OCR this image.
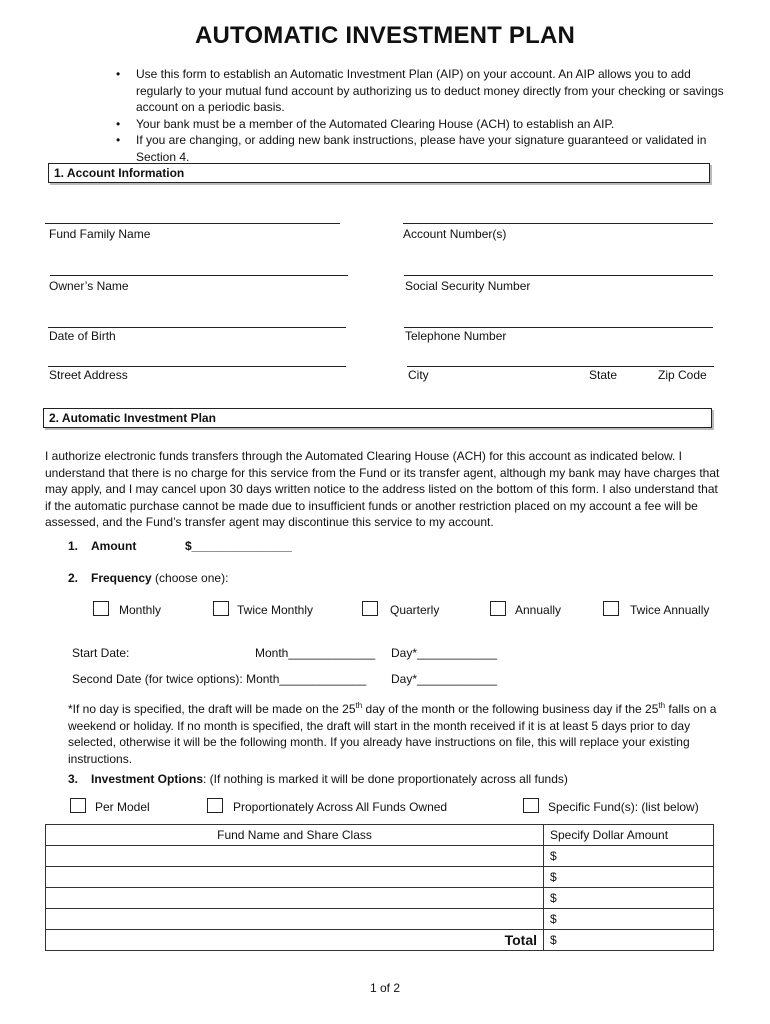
AUTOMATIC INVESTMENT PLAN
• Use this form to establish an Automatic Investment Plan (AIP) on your account. An AIP allows you to add regularly to your mutual fund account by authorizing us to deduct money directly from your checking or savings account on a periodic basis.
• Your bank must be a member of the Automated Clearing House (ACH) to establish an AIP.
• If you are changing, or adding new bank instructions, please have your signature guaranteed or validated in Section 4.
1. Account Information
Fund Family Name	Account Number(s)
Owner’s Name	Social Security Number
Date of Birth	Telephone Number
Street Address	City	State	Zip Code
2. Automatic Investment Plan
I authorize electronic funds transfers through the Automated Clearing House (ACH) for this account as indicated below. I understand that there is no charge for this service from the Fund or its transfer agent, although my bank may have charges that may apply, and I may cancel upon 30 days written notice to the address listed on the bottom of this form. I also understand that if the automatic purchase cannot be made due to insufficient funds or another restriction placed on my account a fee will be assessed, and the Fund’s transfer agent may discontinue this service to my account.
1. Amount	$_______________
2. Frequency (choose one):
Monthly	Twice Monthly	Quarterly	Annually	Twice Annually
Start Date:	Month_____________ Day*____________
Second Date (for twice options): Month_____________ Day*____________
*If no day is specified, the draft will be made on the 25th day of the month or the following business day if the 25th falls on a weekend or holiday. If no month is specified, the draft will start in the month received if it is at least 5 days prior to day selected, otherwise it will be the following month. If you already have instructions on file, this will replace your existing instructions.
3. Investment Options: (If nothing is marked it will be done proportionately across all funds)
Per Model	Proportionately Across All Funds Owned	Specific Fund(s): (list below)
Fund Name and Share Class	Specify Dollar Amount
	$
	$
	$
	$
Total	$
1 of 2
